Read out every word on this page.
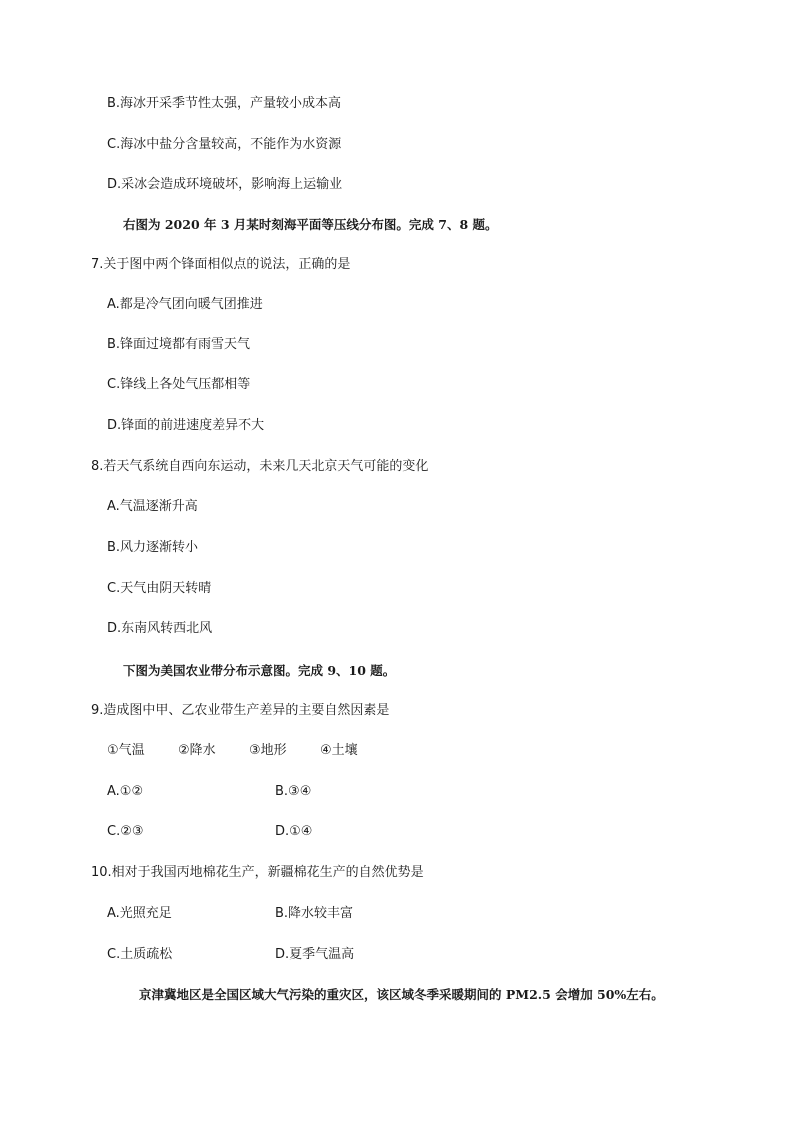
B.海冰开采季节性太强，产量较小成本高
C.海冰中盐分含量较高，不能作为水资源
D.采冰会造成环境破坏，影响海上运输业
右图为 2020 年 3 月某时刻海平面等压线分布图。完成 7、8 题。
7.关于图中两个锋面相似点的说法，正确的是
A.都是冷气团向暖气团推进
B.锋面过境都有雨雪天气
C.锋线上各处气压都相等
D.锋面的前进速度差异不大
8.若天气系统自西向东运动，未来几天北京天气可能的变化
A.气温逐渐升高
B.风力逐渐转小
C.天气由阴天转晴
D.东南风转西北风
下图为美国农业带分布示意图。完成 9、10 题。
9.造成图中甲、乙农业带生产差异的主要自然因素是
①气温	②降水	③地形	④土壤
A.①②	B.③④
C.②③	D.①④
10.相对于我国丙地棉花生产，新疆棉花生产的自然优势是
A.光照充足	B.降水较丰富
C.土质疏松	D.夏季气温高
京津冀地区是全国区域大气污染的重灾区，该区域冬季采暖期间的 PM2.5 会增加 50%左右。
